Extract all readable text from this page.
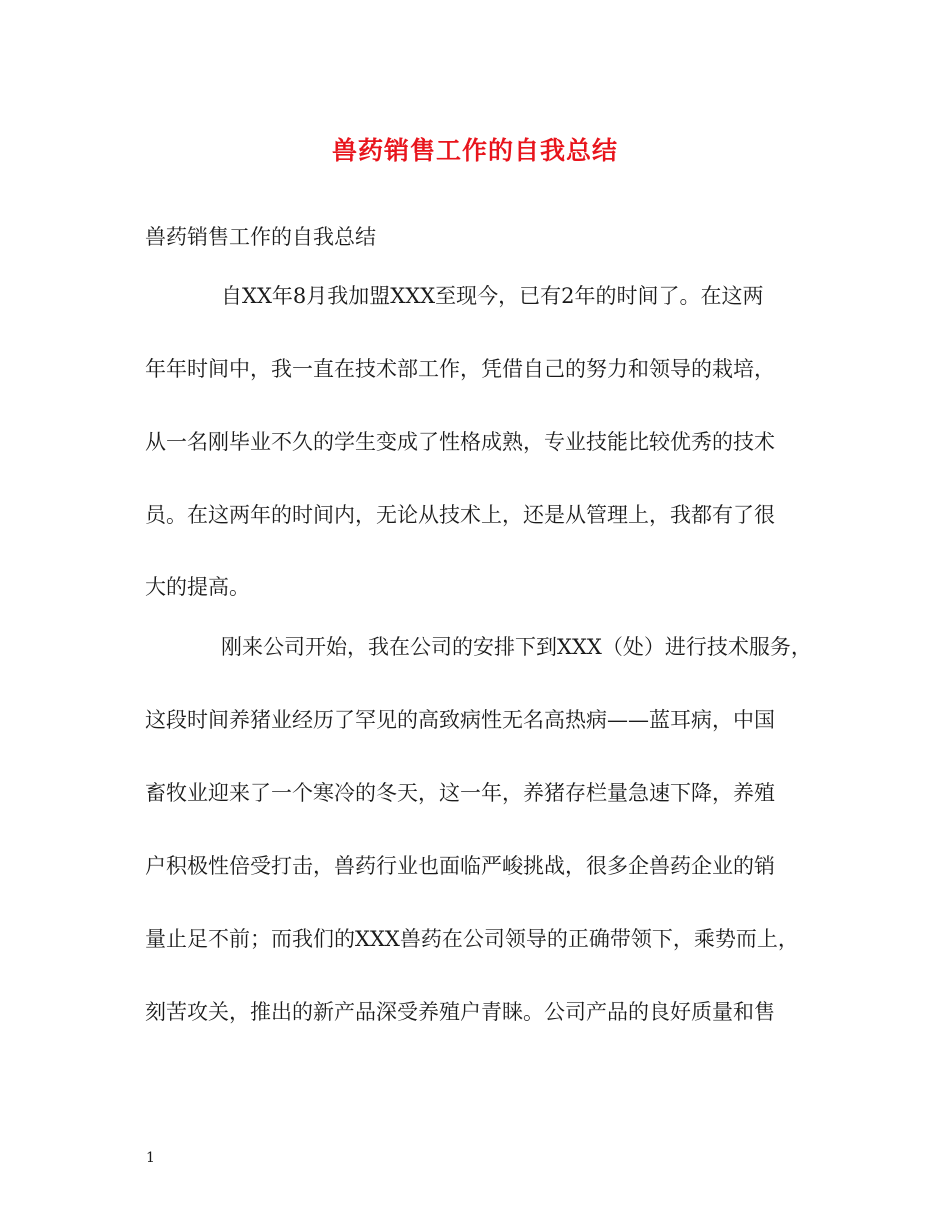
兽药销售工作的自我总结
兽药销售工作的自我总结
自XX年8月我加盟XXX至现今，已有2年的时间了。在这两
年年时间中，我一直在技术部工作，凭借自己的努力和领导的栽培，
从一名刚毕业不久的学生变成了性格成熟，专业技能比较优秀的技术
员。在这两年的时间内，无论从技术上，还是从管理上，我都有了很
大的提高。
刚来公司开始，我在公司的安排下到XXX（处）进行技术服务，
这段时间养猪业经历了罕见的高致病性无名高热病——蓝耳病，中国
畜牧业迎来了一个寒冷的冬天，这一年，养猪存栏量急速下降，养殖
户积极性倍受打击，兽药行业也面临严峻挑战，很多企兽药企业的销
量止足不前；而我们的XXX兽药在公司领导的正确带领下，乘势而上，
刻苦攻关，推出的新产品深受养殖户青睐。公司产品的良好质量和售
1
